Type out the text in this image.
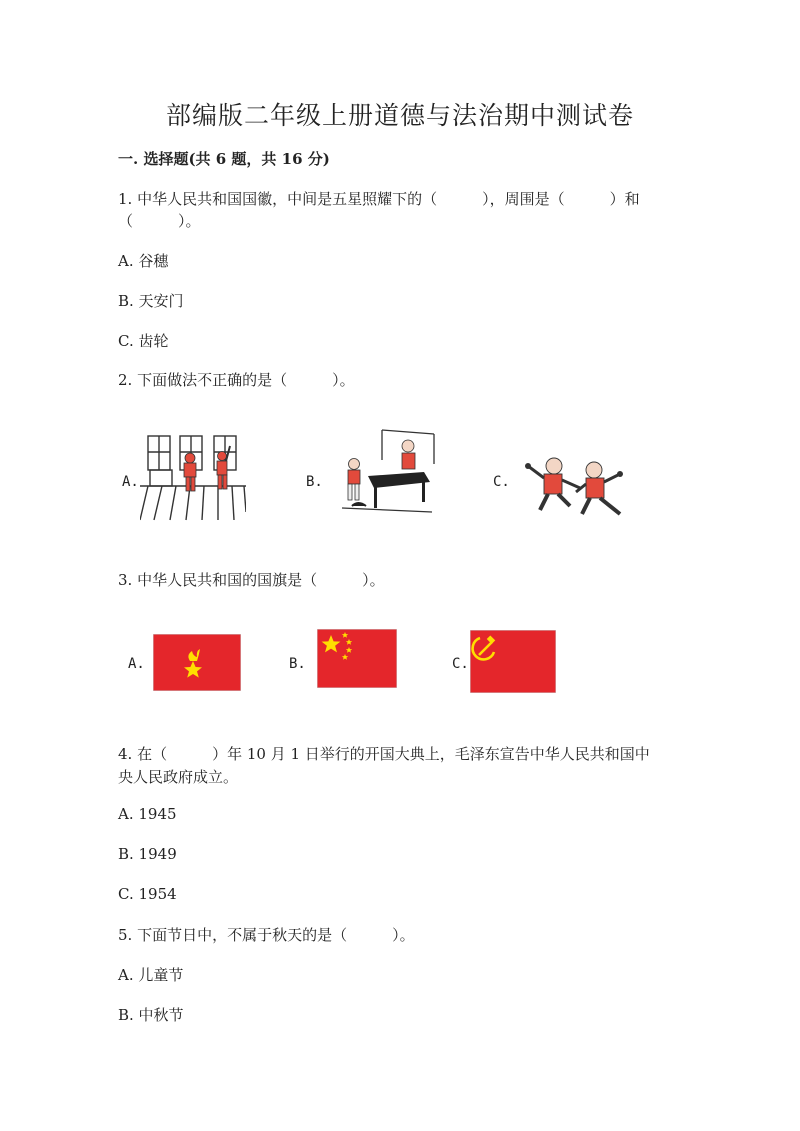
部编版二年级上册道德与法治期中测试卷
一. 选择题(共 6 题，共 16 分)
1. 中华人民共和国国徽，中间是五星照耀下的（　　　），周围是（　　　）和
（　　　）。
A. 谷穗
B. 天安门
C. 齿轮
2. 下面做法不正确的是（　　　）。
A.	B.	C.
3. 中华人民共和国的国旗是（　　　）。
A.	B.	C.
4. 在（　　　）年 10 月 1 日举行的开国大典上，毛泽东宣告中华人民共和国中
央人民政府成立。
A. 1945
B. 1949
C. 1954
5. 下面节日中，不属于秋天的是（　　　）。
A. 儿童节
B. 中秋节
